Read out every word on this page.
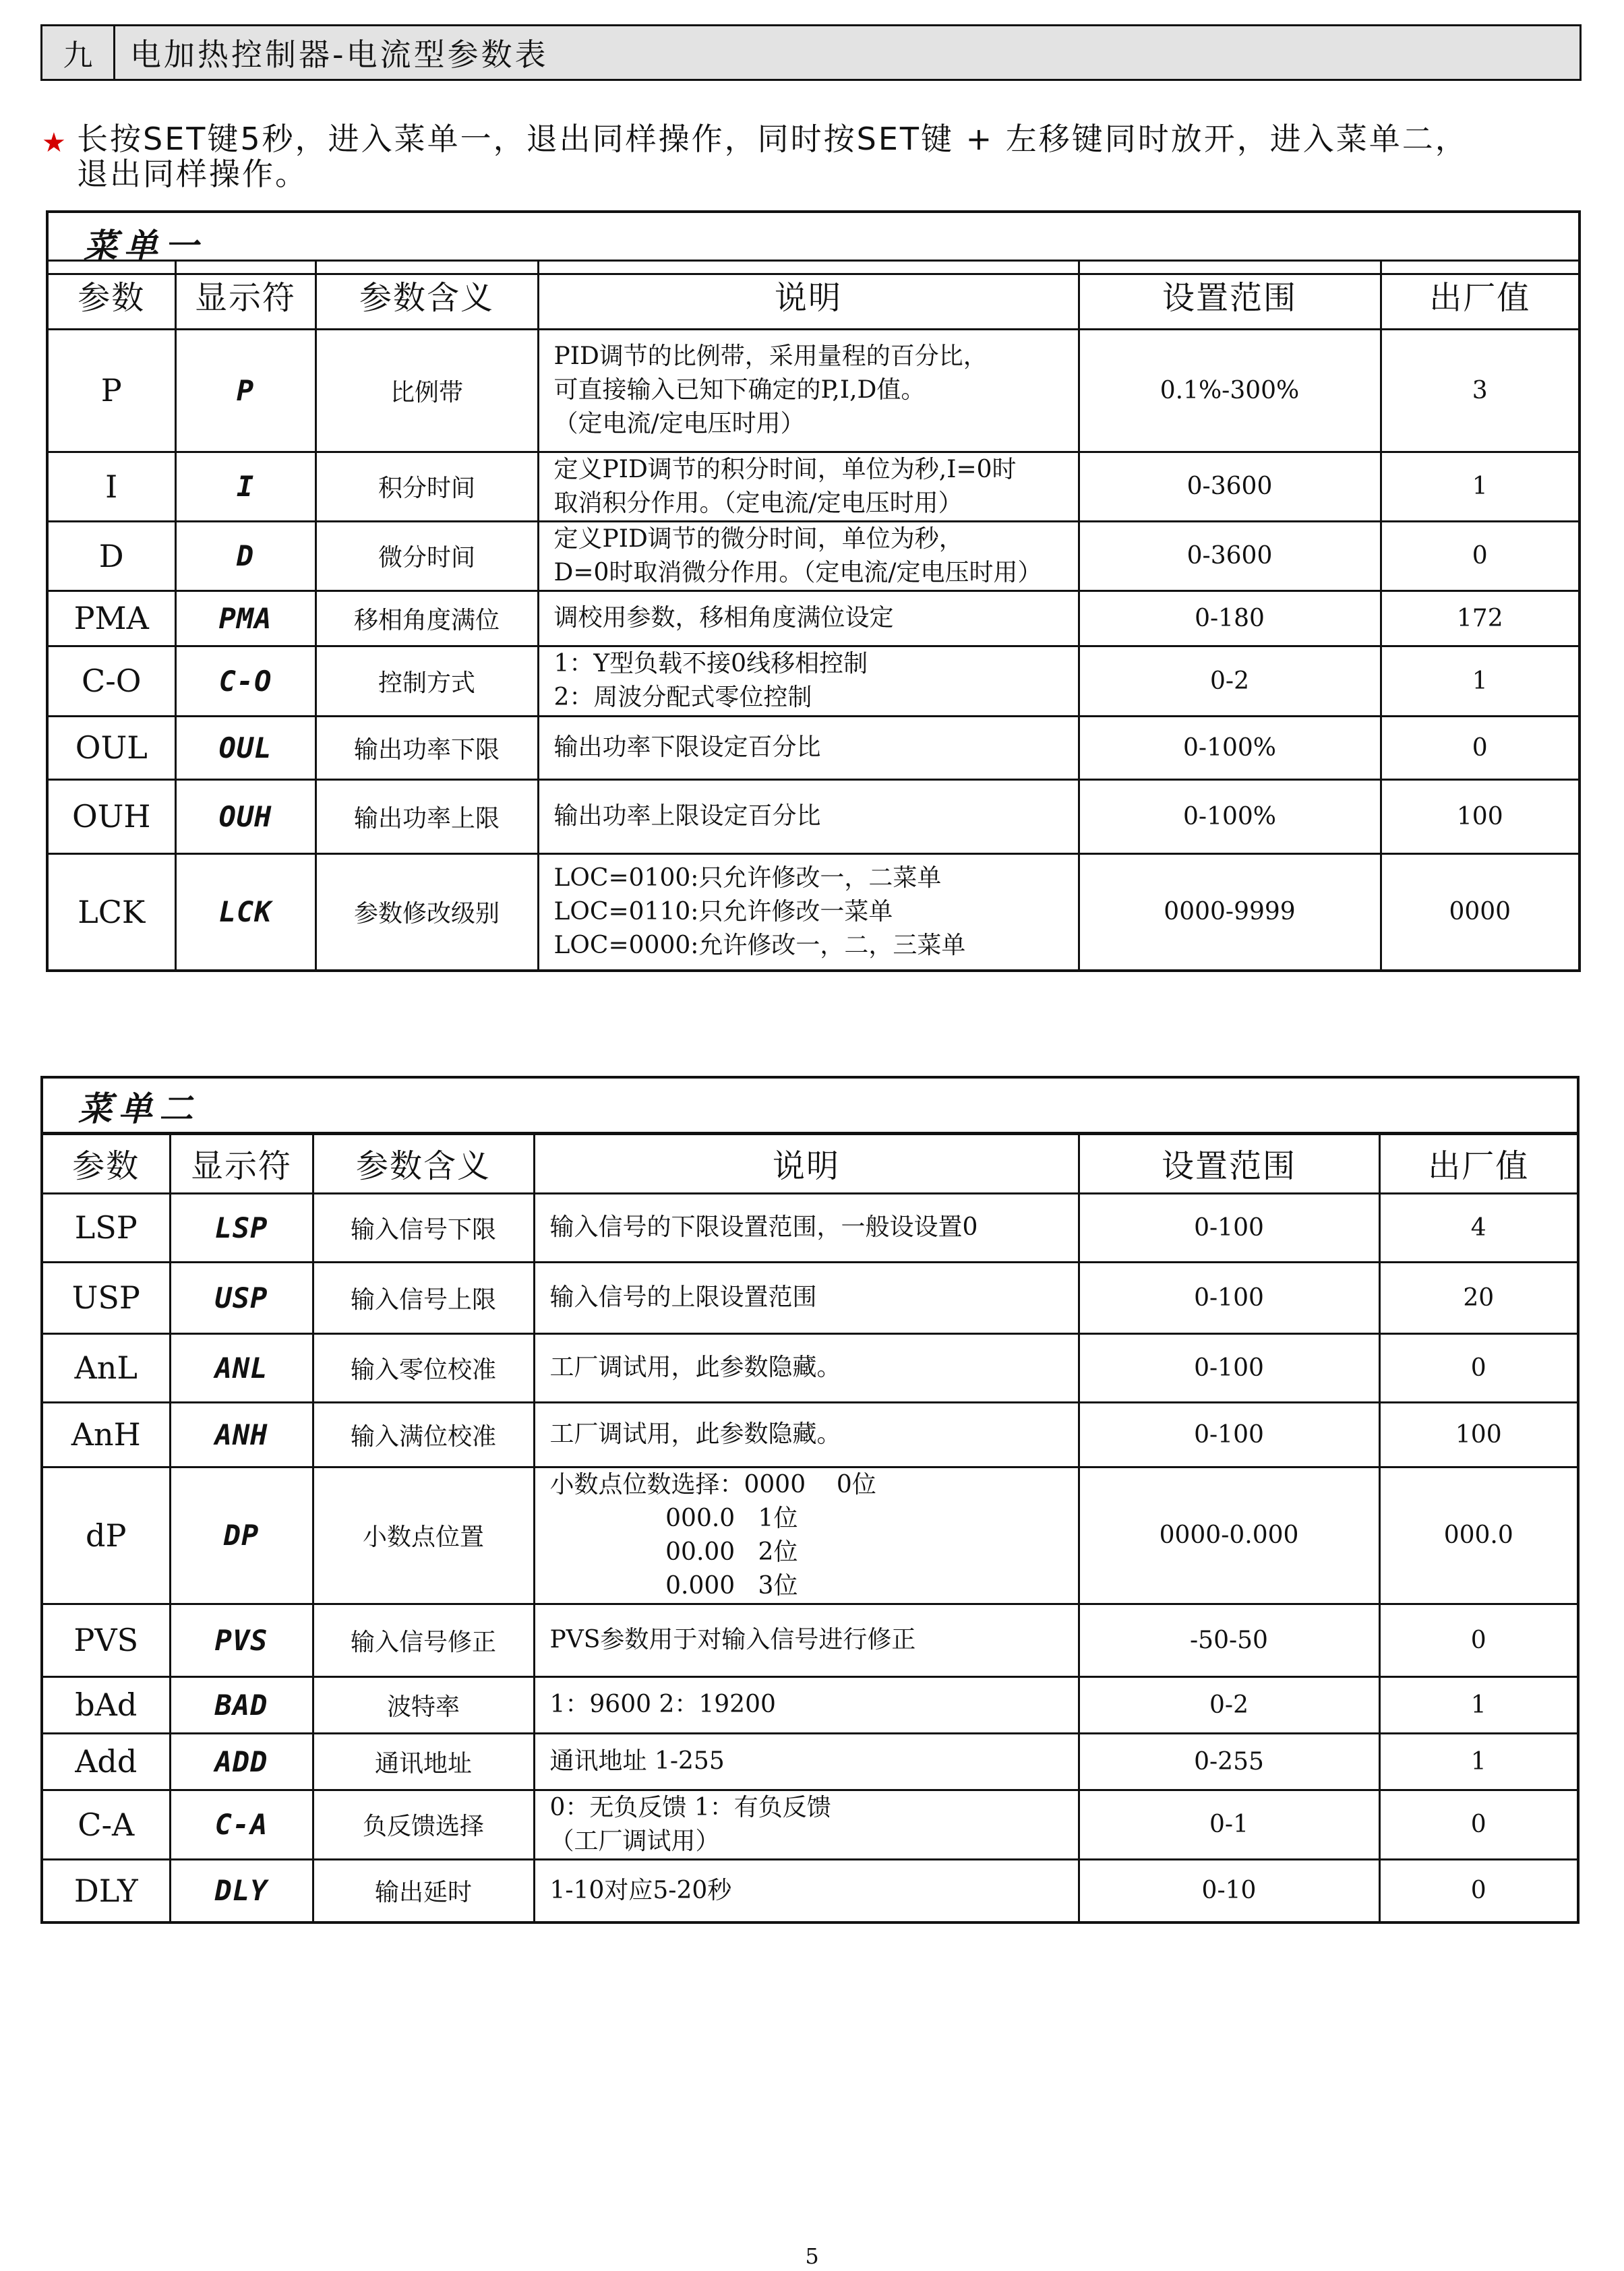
九	电加热控制器-电流型参数表
★ 长按SET键5秒，进入菜单一，退出同样操作，同时按SET键 + 左移键同时放开，进入菜单二，
退出同样操作。
菜单一
参数	显示符	参数含义	说明	设置范围	出厂值
P	P	比例带	PID调节的比例带，采用量程的百分比，
可直接输入已知下确定的P,I,D值。
（定电流/定电压时用）	0.1%-300%	3
I	I	积分时间	定义PID调节的积分时间，单位为秒,I=0时
取消积分作用。（定电流/定电压时用）	0-3600	1
D	D	微分时间	定义PID调节的微分时间，单位为秒，
D=0时取消微分作用。（定电流/定电压时用）	0-3600	0
PMA	PMA	移相角度满位	调校用参数，移相角度满位设定	0-180	172
C-O	C-O	控制方式	1：Y型负载不接0线移相控制
2：周波分配式零位控制	0-2	1
OUL	OUL	输出功率下限	输出功率下限设定百分比	0-100%	0
OUH	OUH	输出功率上限	输出功率上限设定百分比	0-100%	100
LCK	LCK	参数修改级别	LOC=0100:只允许修改一，二菜单
LOC=0110:只允许修改一菜单
LOC=0000:允许修改一，二，三菜单	0000-9999	0000
菜单二
参数	显示符	参数含义	说明	设置范围	出厂值
LSP	LSP	输入信号下限	输入信号的下限设置范围，一般设设置0	0-100	4
USP	USP	输入信号上限	输入信号的上限设置范围	0-100	20
AnL	ANL	输入零位校准	工厂调试用，此参数隐藏。	0-100	0
AnH	ANH	输入满位校准	工厂调试用，此参数隐藏。	0-100	100
dP	DP	小数点位置	小数点位数选择：0000    0位
000.0   1位
00.00   2位
0.000   3位	0000-0.000	000.0
PVS	PVS	输入信号修正	PVS参数用于对输入信号进行修正	-50-50	0
bAd	BAD	波特率	1：9600 2：19200	0-2	1
Add	ADD	通讯地址	通讯地址 1-255	0-255	1
C-A	C-A	负反馈选择	0：无负反馈 1：有负反馈
（工厂调试用）	0-1	0
DLY	DLY	输出延时	1-10对应5-20秒	0-10	0
5
